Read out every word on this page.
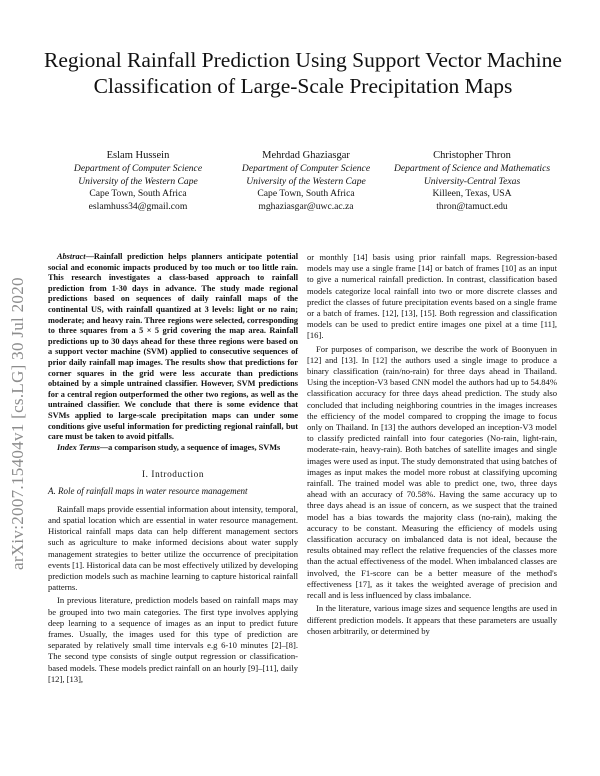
arXiv:2007.15404v1 [cs.LG] 30 Jul 2020
Regional Rainfall Prediction Using Support Vector Machine Classification of Large-Scale Precipitation Maps
Eslam Hussein
Department of Computer Science
University of the Western Cape
Cape Town, South Africa
eslamhuss34@gmail.com
Mehrdad Ghaziasgar
Department of Computer Science
University of the Western Cape
Cape Town, South Africa
mghaziasgar@uwc.ac.za
Christopher Thron
Department of Science and Mathematics
University-Central Texas
Killeen, Texas, USA
thron@tamuct.edu

Abstract—Rainfall prediction helps planners anticipate potential social and economic impacts produced by too much or too little rain. This research investigates a class-based approach to rainfall prediction from 1-30 days in advance. The study made regional predictions based on sequences of daily rainfall maps of the continental US, with rainfall quantized at 3 levels: light or no rain; moderate; and heavy rain. Three regions were selected, corresponding to three squares from a 5 × 5 grid covering the map area. Rainfall predictions up to 30 days ahead for these three regions were based on a support vector machine (SVM) applied to consecutive sequences of prior daily rainfall map images. The results show that predictions for corner squares in the grid were less accurate than predictions obtained by a simple untrained classifier. However, SVM predictions for a central region outperformed the other two regions, as well as the untrained classifier. We conclude that there is some evidence that SVMs applied to large-scale precipitation maps can under some conditions give useful information for predicting regional rainfall, but care must be taken to avoid pitfalls.

Index Terms—a comparison study, a sequence of images, SVMs

I. Introduction
A. Role of rainfall maps in water resource management

Rainfall maps provide essential information about intensity, temporal, and spatial location which are essential in water resource management. Historical rainfall maps data can help different management sectors such as agriculture to make informed decisions about water supply management strategies to better utilize the occurrence of precipitation events [1]. Historical data can be most effectively utilized by developing prediction models such as machine learning to capture historical rainfall patterns.

In previous literature, prediction models based on rainfall maps may be grouped into two main categories. The first type involves applying deep learning to a sequence of images as an input to predict future frames. Usually, the images used for this type of prediction are separated by relatively small time intervals e.g 6-10 minutes [2]–[8]. The second type consists of single output regression or classification-based models. These models predict rainfall on an hourly [9]–[11], daily [12], [13],

or monthly [14] basis using prior rainfall maps. Regression-based models may use a single frame [14] or batch of frames [10] as an input to give a numerical rainfall prediction. In contrast, classification based models categorize local rainfall into two or more discrete classes and predict the classes of future precipitation events based on a single frame or a batch of frames. [12], [13], [15]. Both regression and classification models can be used to predict entire images one pixel at a time [11], [16].

For purposes of comparison, we describe the work of Boonyuen in [12] and [13]. In [12] the authors used a single image to produce a binary classification (rain/no-rain) for three days ahead in Thailand. Using the inception-V3 based CNN model the authors had up to 54.84% classification accuracy for three days ahead prediction. The study also concluded that including neighboring countries in the images increases the efficiency of the model compared to cropping the image to focus only on Thailand. In [13] the authors developed an inception-V3 model to classify predicted rainfall into four categories (No-rain, light-rain, moderate-rain, heavy-rain). Both batches of satellite images and single images were used as input. The study demonstrated that using batches of images as input makes the model more robust at classifying upcoming rainfall. The trained model was able to predict one, two, three days ahead with an accuracy of 70.58%. Having the same accuracy up to three days ahead is an issue of concern, as we suspect that the trained model has a bias towards the majority class (no-rain), making the accuracy to be constant. Measuring the efficiency of models using classification accuracy on imbalanced data is not ideal, because the results obtained may reflect the relative frequencies of the classes more than the actual effectiveness of the model. When imbalanced classes are involved, the F1-score can be a better measure of the method's effectiveness [17], as it takes the weighted average of precision and recall and is less influenced by class imbalance.

In the literature, various image sizes and sequence lengths are used in different prediction models. It appears that these parameters are usually chosen arbitrarily, or determined by
